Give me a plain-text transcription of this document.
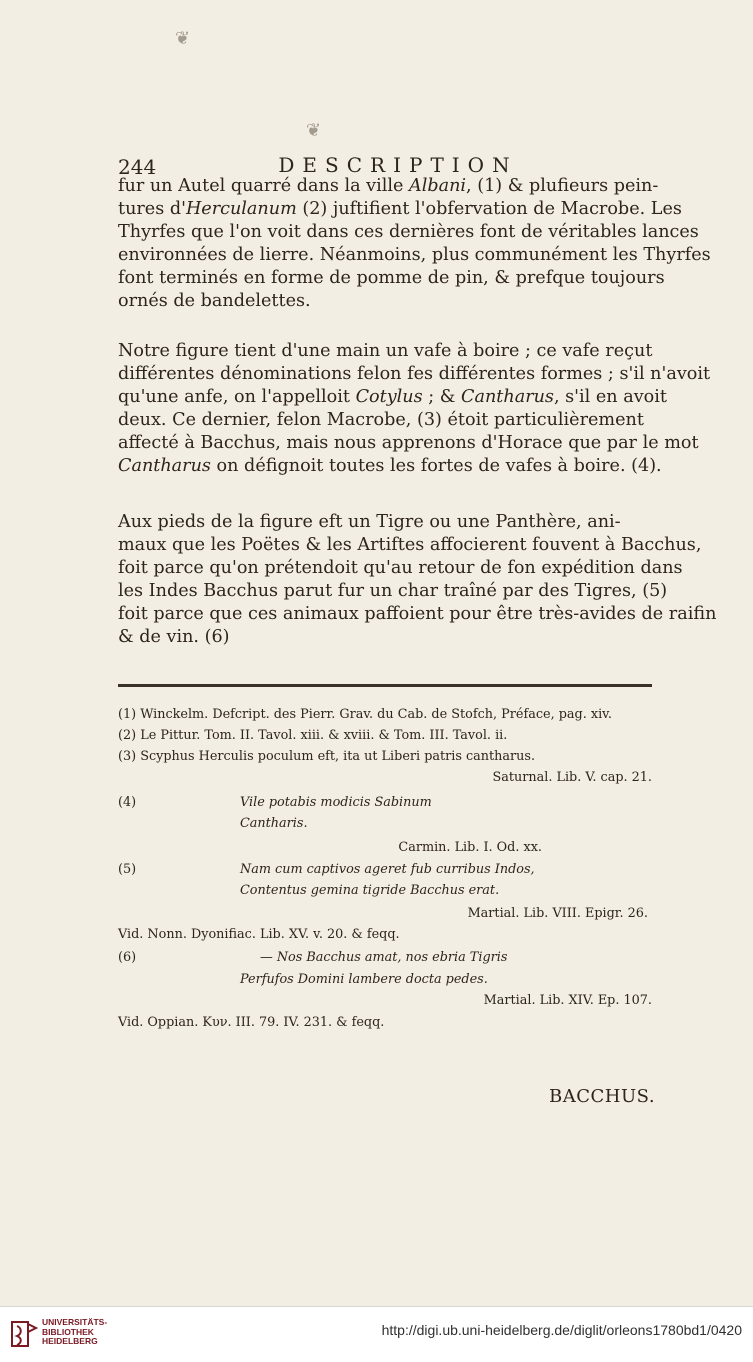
❦
❦
244	DESCRIPTION
fur un Autel quarré dans la ville Albani, (1) & plufieurs pein-
tures d'Herculanum (2) juftifient l'obfervation de Macrobe. Les
Thyrfes que l'on voit dans ces dernières font de véritables lances
environnées de lierre. Néanmoins, plus communément les Thyrfes
font terminés en forme de pomme de pin, & prefque toujours
ornés de bandelettes.
Notre figure tient d'une main un vafe à boire ; ce vafe reçut
différentes dénominations felon fes différentes formes ; s'il n'avoit
qu'une anfe, on l'appelloit Cotylus ; & Cantharus, s'il en avoit
deux. Ce dernier, felon Macrobe, (3) étoit particulièrement
affecté à Bacchus, mais nous apprenons d'Horace que par le mot
Cantharus on défignoit toutes les fortes de vafes à boire. (4).
Aux pieds de la figure eft un Tigre ou une Panthère, ani-
maux que les Poëtes & les Artiftes affocierent fouvent à Bacchus,
foit parce qu'on prétendoit qu'au retour de fon expédition dans
les Indes Bacchus parut fur un char traîné par des Tigres, (5)
foit parce que ces animaux paffoient pour être très-avides de raifin
& de vin. (6)
(1) Winckelm. Defcript. des Pierr. Grav. du Cab. de Stofch, Préface, pag. xiv.
(2) Le Pittur. Tom. II. Tavol. xiii. & xviii. & Tom. III. Tavol. ii.
(3) Scyphus Herculis poculum eft, ita ut Liberi patris cantharus.
Saturnal. Lib. V. cap. 21.
(4)	Vile potabis modicis Sabinum
Cantharis.
Carmin. Lib. I. Od. xx.
(5)	Nam cum captivos ageret fub curribus Indos,
Contentus gemina tigride Bacchus erat.
Martial. Lib. VIII. Epigr. 26.
Vid. Nonn. Dyonifiac. Lib. XV. v. 20. & feqq.
(6)	— Nos Bacchus amat, nos ebria Tigris
Perfufos Domini lambere docta pedes.
Martial. Lib. XIV. Ep. 107.
Vid. Oppian. Kυν. III. 79. IV. 231. & feqq.
BACCHUS.
UNIVERSITÄTS-
BIBLIOTHEK
HEIDELBERG
http://digi.ub.uni-heidelberg.de/diglit/orleons1780bd1/0420
